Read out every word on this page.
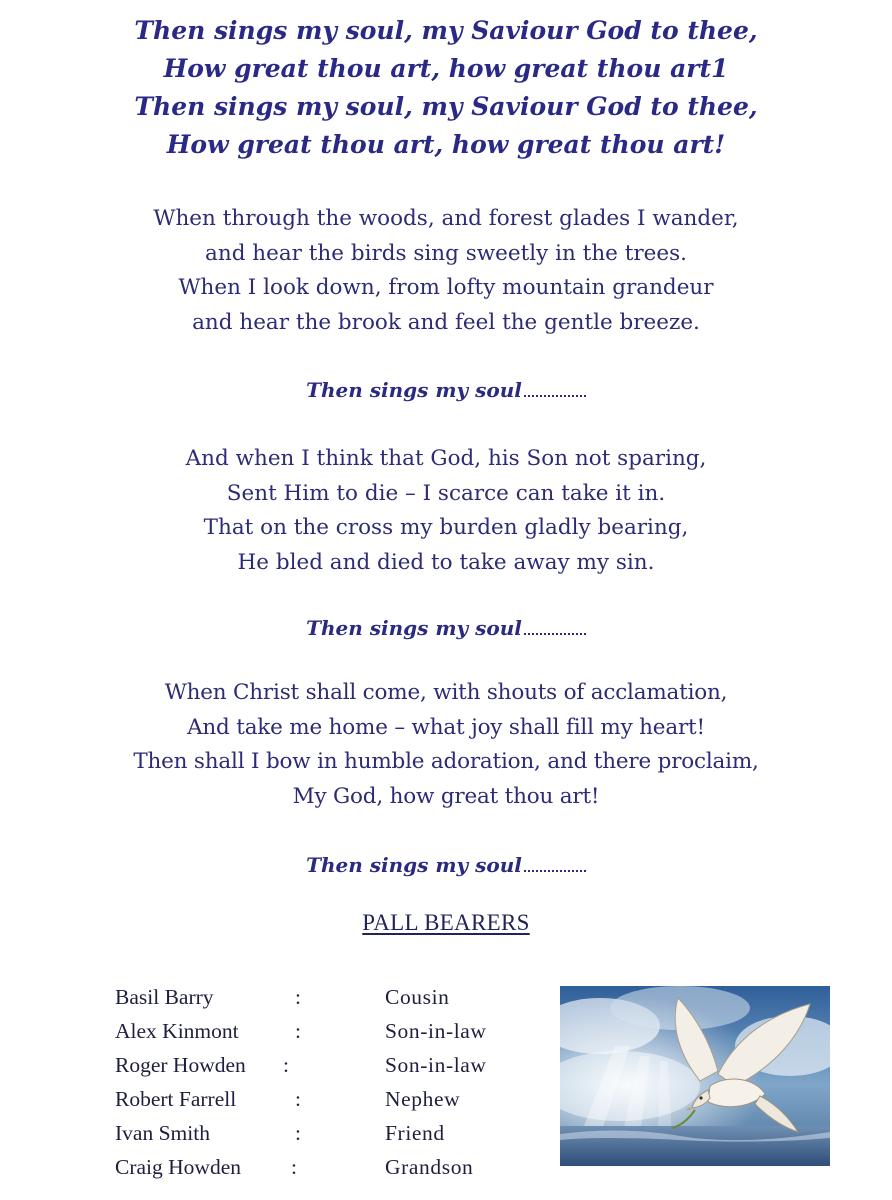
Then sings my soul, my Saviour God to thee,
How great thou art, how great thou art1
Then sings my soul, my Saviour God to thee,
How great thou art, how great thou art!
When through the woods, and forest glades I wander,
and hear the birds sing sweetly in the trees.
When I look down, from lofty mountain grandeur
and hear the brook and feel the gentle breeze.
Then sings my soul
And when I think that God, his Son not sparing,
Sent Him to die – I scarce can take it in.
That on the cross my burden gladly bearing,
He bled and died to take away my sin.
Then sings my soul
When Christ shall come, with shouts of acclamation,
And take me home – what joy shall fill my heart!
Then shall I bow in humble adoration, and there proclaim,
My God, how great thou art!
Then sings my soul
PALL BEARERS
Basil Barry	:	Cousin
Alex Kinmont	:	Son-in-law
Roger Howden :	Son-in-law
Robert Farrell	:	Nephew
Ivan Smith	:	Friend
Craig Howden :	Grandson
